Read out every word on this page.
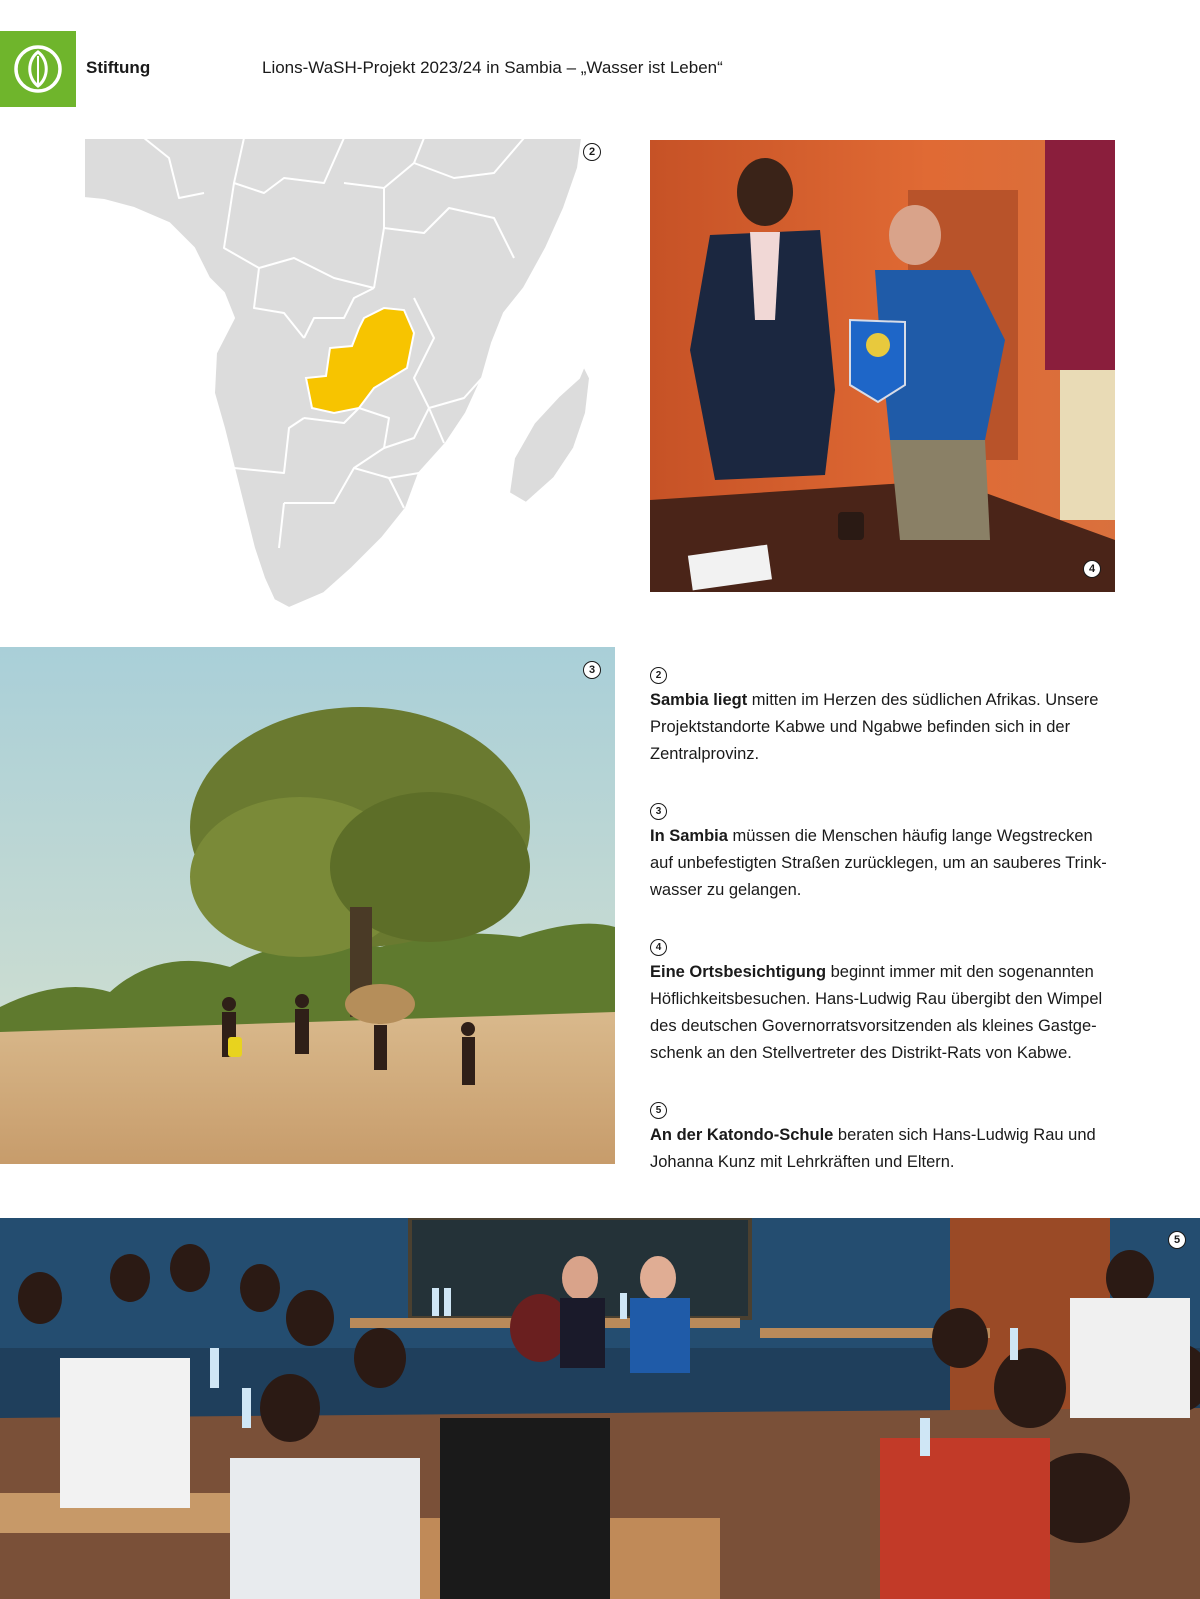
Stiftung	Lions-WaSH-Projekt 2023/24 in Sambia – „Wasser ist Leben“
2
4
3	2

Sambia liegt mitten im Herzen des südlichen Afrikas. Unsere Projektstandorte Kabwe und Ngabwe befinden sich in der Zentralprovinz.

3

In Sambia müssen die Menschen häufig lange Wegstrecken auf unbefestigten Straßen zurücklegen, um an sauberes Trinkwasser zu gelangen.

4

Eine Ortsbesichtigung beginnt immer mit den sogenannten Höflichkeitsbesuchen. Hans-Ludwig Rau übergibt den Wimpel des deutschen Governorratsvorsitzenden als kleines Gastgeschenk an den Stellvertreter des Distrikt-Rats von Kabwe.

5

An der Katondo-Schule beraten sich Hans-Ludwig Rau und Johanna Kunz mit Lehrkräften und Eltern.

5
